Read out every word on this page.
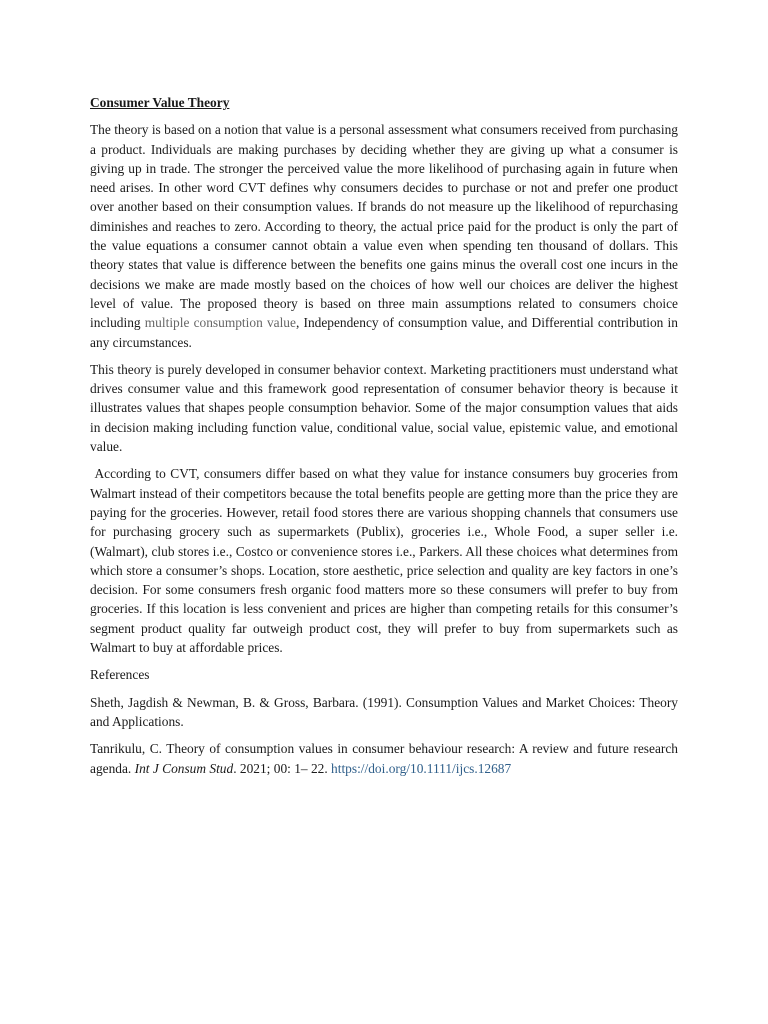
Consumer Value Theory

The theory is based on a notion that value is a personal assessment what consumers received from purchasing a product. Individuals are making purchases by deciding whether they are giving up what a consumer is giving up in trade. The stronger the perceived value the more likelihood of purchasing again in future when need arises. In other word CVT defines why consumers decides to purchase or not and prefer one product over another based on their consumption values. If brands do not measure up the likelihood of repurchasing diminishes and reaches to zero. According to theory, the actual price paid for the product is only the part of the value equations a consumer cannot obtain a value even when spending ten thousand of dollars. This theory states that value is difference between the benefits one gains minus the overall cost one incurs in the decisions we make are made mostly based on the choices of how well our choices are deliver the highest level of value. The proposed theory is based on three main assumptions related to consumers choice including multiple consumption value, Independency of consumption value, and Differential contribution in any circumstances.

This theory is purely developed in consumer behavior context. Marketing practitioners must understand what drives consumer value and this framework good representation of consumer behavior theory is because it illustrates values that shapes people consumption behavior. Some of the major consumption values that aids in decision making including function value, conditional value, social value, epistemic value, and emotional value.

According to CVT, consumers differ based on what they value for instance consumers buy groceries from Walmart instead of their competitors because the total benefits people are getting more than the price they are paying for the groceries. However, retail food stores there are various shopping channels that consumers use for purchasing grocery such as supermarkets (Publix), groceries i.e., Whole Food, a super seller i.e. (Walmart), club stores i.e., Costco or convenience stores i.e., Parkers. All these choices what determines from which store a consumer’s shops. Location, store aesthetic, price selection and quality are key factors in one’s decision. For some consumers fresh organic food matters more so these consumers will prefer to buy from groceries. If this location is less convenient and prices are higher than competing retails for this consumer’s segment product quality far outweigh product cost, they will prefer to buy from supermarkets such as Walmart to buy at affordable prices.

References

Sheth, Jagdish & Newman, B. & Gross, Barbara. (1991). Consumption Values and Market Choices: Theory and Applications.

Tanrikulu, C. Theory of consumption values in consumer behaviour research: A review and future research agenda. Int J Consum Stud. 2021; 00: 1– 22. https://doi.org/10.1111/ijcs.12687
